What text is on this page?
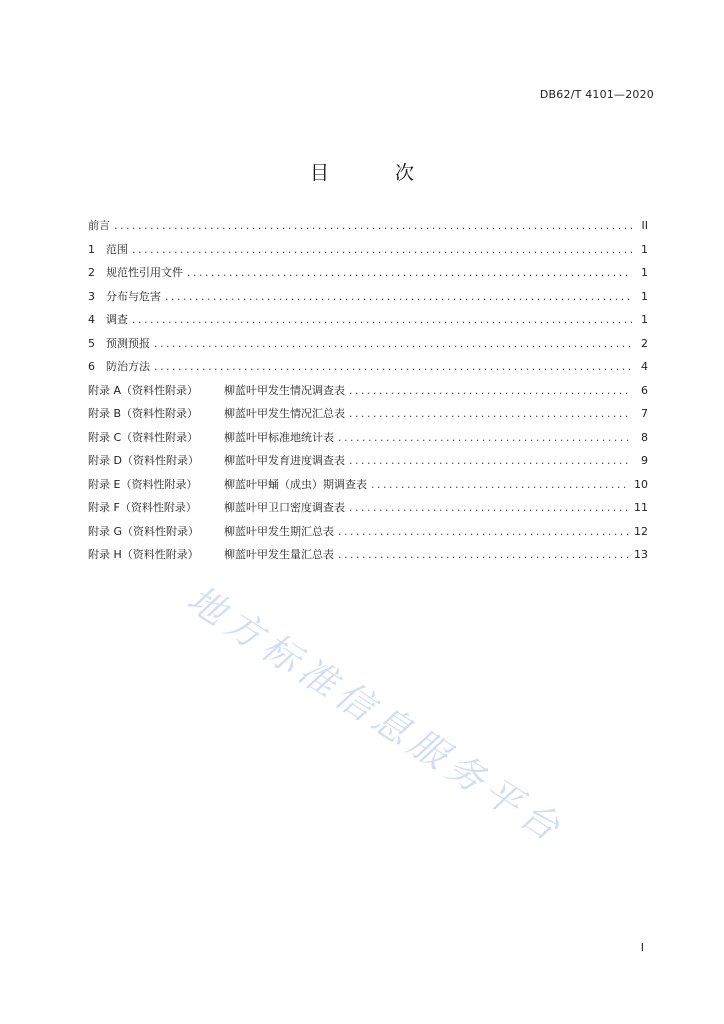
DB62/T 4101—2020
目 次
前言 .....	II
1	范围 .....	1
2	规范性引用文件 .....	1
3	分布与危害 .....	1
4	调查 .....	1
5	预测预报 .....	2
6	防治方法 .....	4
附录 A（资料性附录）	柳蓝叶甲发生情况调查表 .....	6
附录 B（资料性附录）	柳蓝叶甲发生情况汇总表 .....	7
附录 C（资料性附录）	柳蓝叶甲标准地统计表 .....	8
附录 D（资料性附录）	柳蓝叶甲发育进度调查表 .....	9
附录 E（资料性附录）	柳蓝叶甲蛹（成虫）期调查表 .....	10
附录 F（资料性附录）	柳蓝叶甲卫口密度调查表 .....	11
附录 G（资料性附录）	柳蓝叶甲发生期汇总表 .....	12
附录 H（资料性附录）	柳蓝叶甲发生量汇总表 .....	13
地方标准信息服务平台
I
